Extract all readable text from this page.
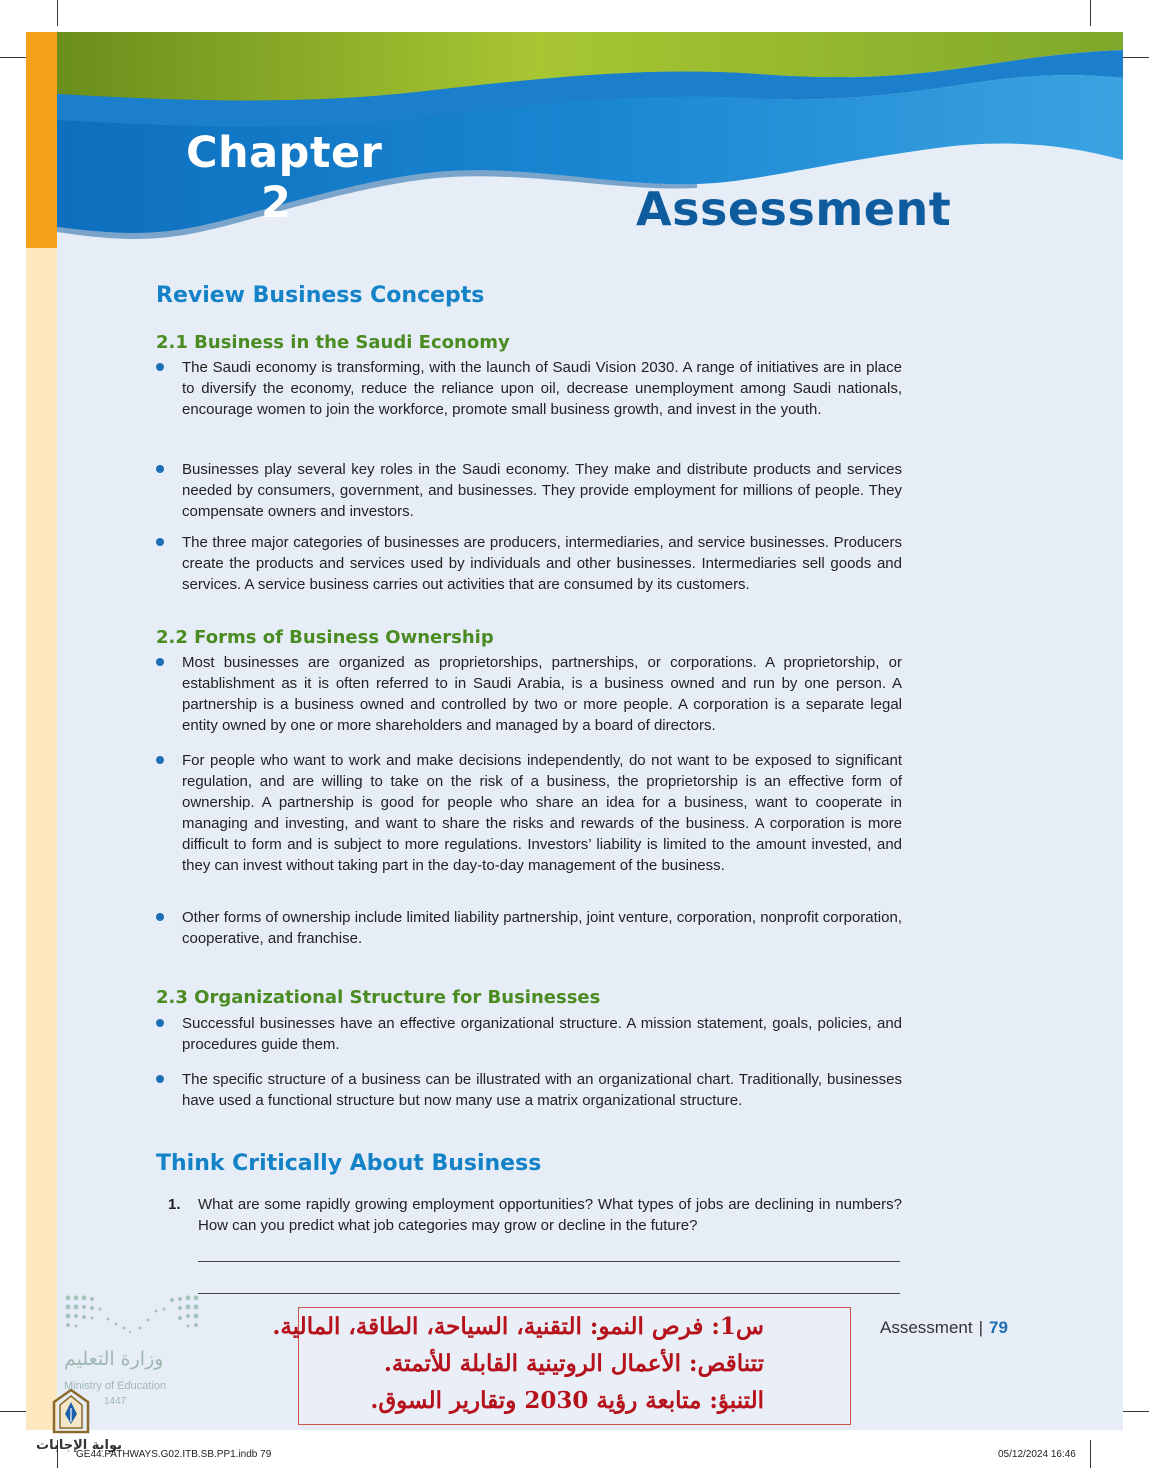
Chapter
2	Assessment
Review Business Concepts
2.1 Business in the Saudi Economy

The Saudi economy is transforming, with the launch of Saudi Vision 2030. A range of initiatives are in place to diversify the economy, reduce the reliance upon oil, decrease unemployment among Saudi nationals, encourage women to join the workforce, promote small business growth, and invest in the youth.

Businesses play several key roles in the Saudi economy. They make and distribute products and services needed by consumers, government, and businesses. They provide employment for millions of people. They compensate owners and investors.

The three major categories of businesses are producers, intermediaries, and service businesses. Producers create the products and services used by individuals and other businesses. Intermediaries sell goods and services. A service business carries out activities that are consumed by its customers.

2.2 Forms of Business Ownership

Most businesses are organized as proprietorships, partnerships, or corporations. A proprietorship, or establishment as it is often referred to in Saudi Arabia, is a business owned and run by one person. A partnership is a business owned and controlled by two or more people. A corporation is a separate legal entity owned by one or more shareholders and managed by a board of directors.

For people who want to work and make decisions independently, do not want to be exposed to significant regulation, and are willing to take on the risk of a business, the proprietorship is an effective form of ownership. A partnership is good for people who share an idea for a business, want to cooperate in managing and investing, and want to share the risks and rewards of the business. A corporation is more difficult to form and is subject to more regulations. Investors’ liability is limited to the amount invested, and they can invest without taking part in the day-to-day management of the business.

Other forms of ownership include limited liability partnership, joint venture, corporation, nonprofit corporation, cooperative, and franchise.

2.3 Organizational Structure for Businesses

Successful businesses have an effective organizational structure. A mission statement, goals, policies, and procedures guide them.

The specific structure of a business can be illustrated with an organizational chart. Traditionally, businesses have used a functional structure but now many use a matrix organizational structure.

Think Critically About Business
1. What are some rapidly growing employment opportunities? What types of jobs are declining in numbers? How can you predict what job categories may grow or decline in the future?

س1: فرص النمو: التقنية، السياحة، الطاقة، المالية.
تتناقص: الأعمال الروتينية القابلة للأتمتة.
التنبؤ: متابعة رؤية 2030 وتقارير السوق.
Assessment | 79
وزارة التعليم
Ministry of Education
1447
بوابة الإجابات
GE44.PATHWAYS.G02.ITB.SB.PP1.indb 79	05/12/2024 16:46
